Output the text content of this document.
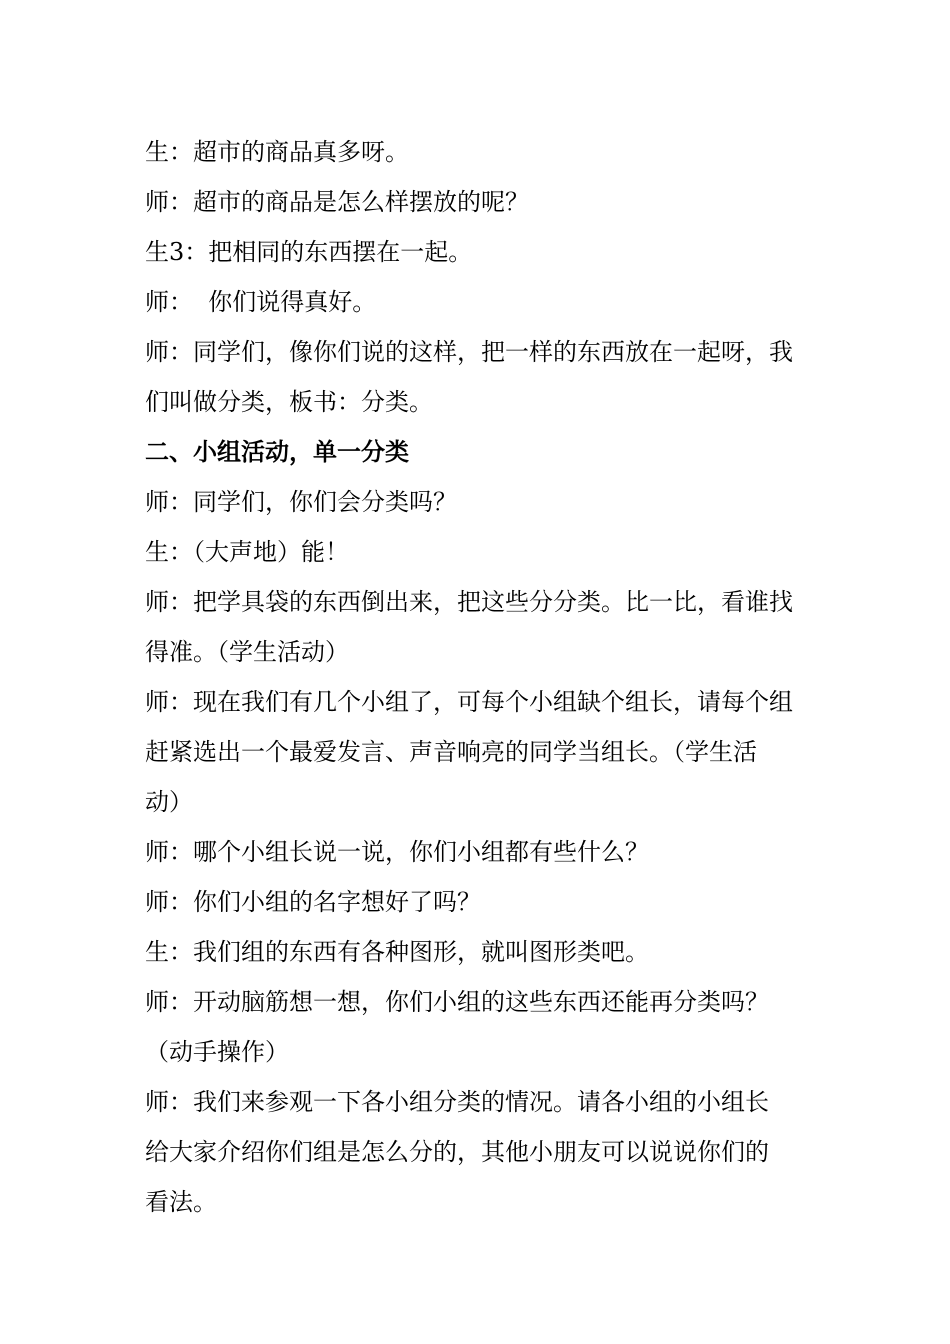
生：超市的商品真多呀。
师：超市的商品是怎么样摆放的呢？
生3：把相同的东西摆在一起。
师：  你们说得真好。
师：同学们，像你们说的这样，把一样的东西放在一起呀，我
们叫做分类，板书：分类。
二、小组活动，单一分类
师：同学们，你们会分类吗？
生：（大声地）能！
师：把学具袋的东西倒出来，把这些分分类。比一比，看谁找
得准。（学生活动）
师：现在我们有几个小组了，可每个小组缺个组长，请每个组
赶紧选出一个最爱发言、声音响亮的同学当组长。（学生活
动）
师：哪个小组长说一说，你们小组都有些什么？
师：你们小组的名字想好了吗？
生：我们组的东西有各种图形，就叫图形类吧。
师：开动脑筋想一想，你们小组的这些东西还能再分类吗？
（动手操作）
师：我们来参观一下各小组分类的情况。请各小组的小组长
给大家介绍你们组是怎么分的，其他小朋友可以说说你们的
看法。
